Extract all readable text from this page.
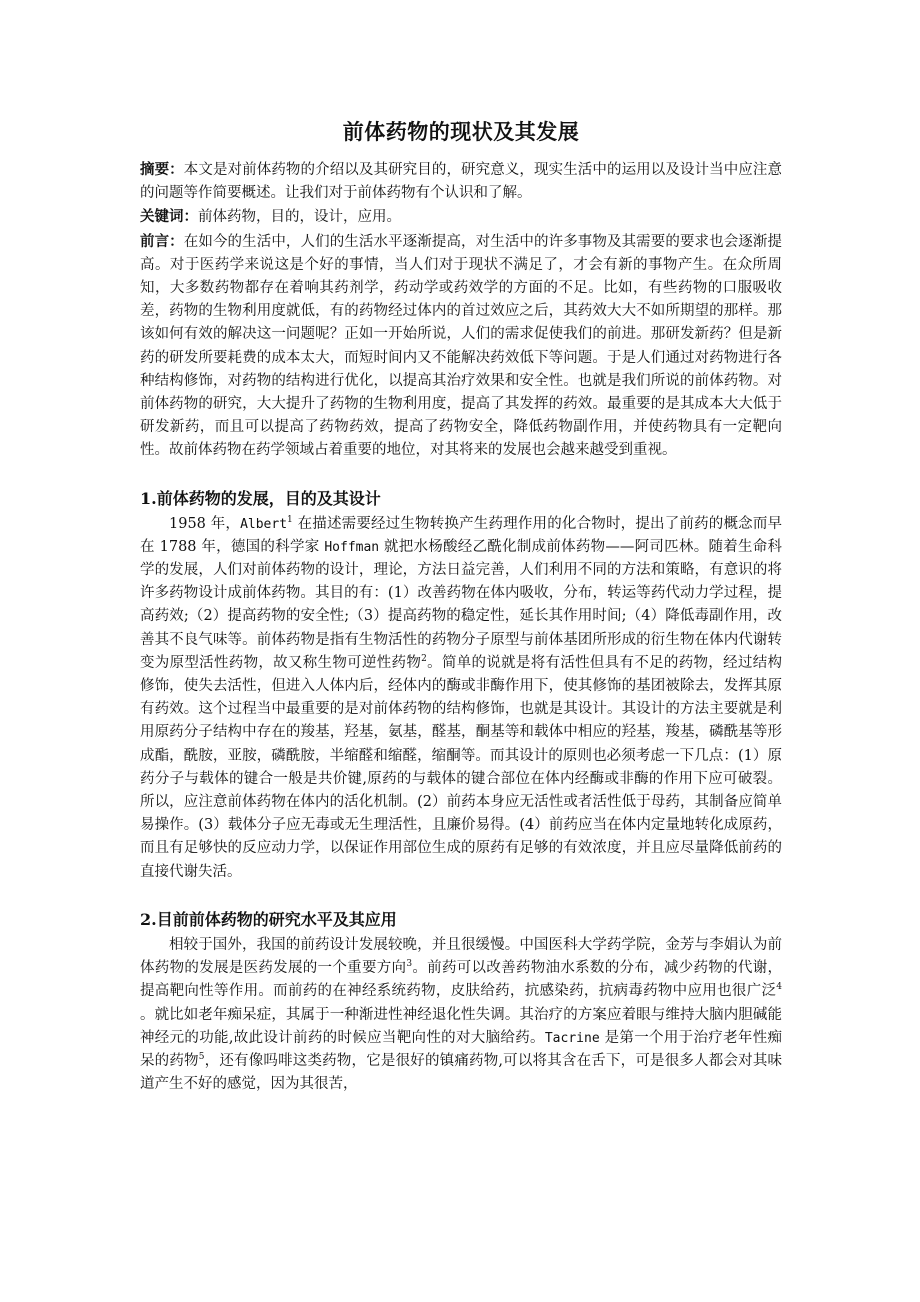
前体药物的现状及其发展

摘要：本文是对前体药物的介绍以及其研究目的，研究意义，现实生活中的运用以及设计当中应注意的问题等作简要概述。让我们对于前体药物有个认识和了解。

关键词：前体药物，目的，设计，应用。

前言：在如今的生活中，人们的生活水平逐渐提高，对生活中的许多事物及其需要的要求也会逐渐提高。对于医药学来说这是个好的事情，当人们对于现状不满足了，才会有新的事物产生。在众所周知，大多数药物都存在着响其药剂学，药动学或药效学的方面的不足。比如，有些药物的口服吸收差，药物的生物利用度就低，有的药物经过体内的首过效应之后，其药效大大不如所期望的那样。那该如何有效的解决这一问题呢？正如一开始所说，人们的需求促使我们的前进。那研发新药？但是新药的研发所要耗费的成本太大，而短时间内又不能解决药效低下等问题。于是人们通过对药物进行各种结构修饰，对药物的结构进行优化，以提高其治疗效果和安全性。也就是我们所说的前体药物。对前体药物的研究，大大提升了药物的生物利用度，提高了其发挥的药效。最重要的是其成本大大低于研发新药，而且可以提高了药物药效，提高了药物安全，降低药物副作用，并使药物具有一定靶向性。故前体药物在药学领域占着重要的地位，对其将来的发展也会越来越受到重视。

1.前体药物的发展，目的及其设计

1958 年，Albert$^1$ 在描述需要经过生物转换产生药理作用的化合物时，提出了前药的概念而早在 1788 年，德国的科学家 Hoffman 就把水杨酸经乙酰化制成前体药物——阿司匹林。随着生命科学的发展，人们对前体药物的设计，理论，方法日益完善，人们利用不同的方法和策略，有意识的将许多药物设计成前体药物。其目的有：(1）改善药物在体内吸收，分布，转运等药代动力学过程，提高药效;（2）提高药物的安全性;（3）提高药物的稳定性，延长其作用时间;（4）降低毒副作用，改善其不良气味等。前体药物是指有生物活性的药物分子原型与前体基团所形成的衍生物在体内代谢转变为原型活性药物，故又称生物可逆性药物$^2$。简单的说就是将有活性但具有不足的药物，经过结构修饰，使失去活性，但进入人体内后，经体内的酶或非酶作用下，使其修饰的基团被除去，发挥其原有药效。这个过程当中最重要的是对前体药物的结构修饰，也就是其设计。其设计的方法主要就是利用原药分子结构中存在的羧基，羟基，氨基，醛基，酮基等和载体中相应的羟基，羧基，磷酰基等形成酯，酰胺，亚胺，磷酰胺，半缩醛和缩醛，缩酮等。而其设计的原则也必须考虑一下几点：(1）原药分子与载体的键合一般是共价键,原药的与载体的键合部位在体内经酶或非酶的作用下应可破裂。所以，应注意前体药物在体内的活化机制。(2）前药本身应无活性或者活性低于母药，其制备应简单易操作。(3）载体分子应无毒或无生理活性，且廉价易得。(4）前药应当在体内定量地转化成原药，而且有足够快的反应动力学，以保证作用部位生成的原药有足够的有效浓度，并且应尽量降低前药的直接代谢失活。

2.目前前体药物的研究水平及其应用

相较于国外，我国的前药设计发展较晚，并且很缓慢。中国医科大学药学院，金芳与李娟认为前体药物的发展是医药发展的一个重要方向$^3$。前药可以改善药物油水系数的分布，减少药物的代谢，提高靶向性等作用。而前药的在神经系统药物，皮肤给药，抗感染药，抗病毒药物中应用也很广泛$^4$ 。就比如老年痴呆症，其属于一种渐进性神经退化性失调。其治疗的方案应着眼与维持大脑内胆碱能神经元的功能,故此设计前药的时候应当靶向性的对大脑给药。Tacrine 是第一个用于治疗老年性痴呆的药物$^5$，还有像吗啡这类药物，它是很好的镇痛药物,可以将其含在舌下，可是很多人都会对其味道产生不好的感觉，因为其很苦，
